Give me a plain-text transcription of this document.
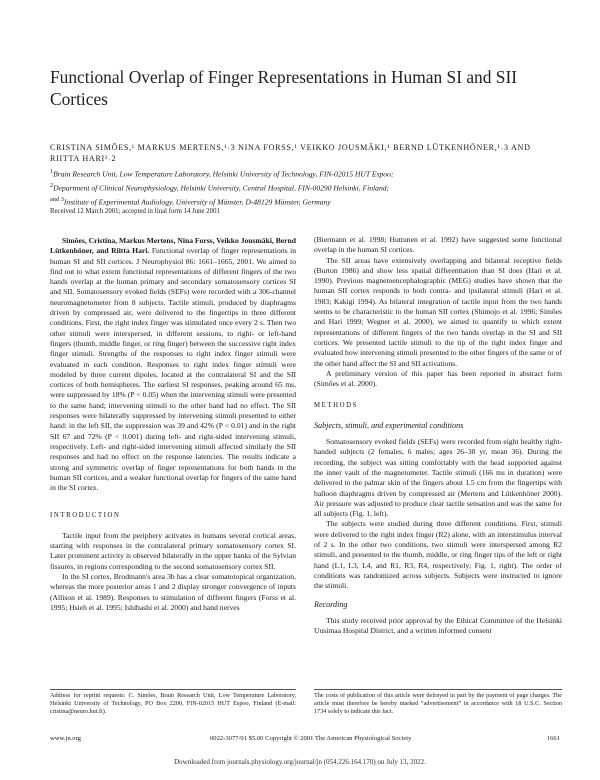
Functional Overlap of Finger Representations in Human SI and SII Cortices
CRISTINA SIMÕES,¹ MARKUS MERTENS,¹˒3 NINA FORSS,¹ VEIKKO JOUSMÄKI,¹ BERND LÜTKENHÖNER,¹˒3 AND RIITTA HARI¹˒2
$^1$Brain Research Unit, Low Temperature Laboratory, Helsinki University of Technology, FIN-02015 HUT Espoo;
$^2$Department of Clinical Neurophysiology, Helsinki University, Central Hospital, FIN-00290 Helsinki, Finland;
$^{and 3}$Institute of Experimental Audiology, University of Münster, D-48129 Münster, Germany
Received 12 March 2001; accepted in final form 14 June 2001

Simões, Cristina, Markus Mertens, Nina Forss, Veikko Jousmäki, Bernd Lütkenhöner, and Riitta Hari. Functional overlap of finger representations in human SI and SII cortices. J Neurophysiol 86: 1661–1665, 2001. We aimed to find out to what extent functional representations of different fingers of the two hands overlap at the human primary and secondary somatosensory cortices SI and SII. Somatosensory evoked fields (SEFs) were recorded with a 306-channel neuromagnetometer from 8 subjects. Tactile stimuli, produced by diaphragms driven by compressed air, were delivered to the fingertips in three different conditions. First, the right index finger was stimulated once every 2 s. Then two other stimuli were interspersed, in different sessions, to right- or left-hand fingers (thumb, middle finger, or ring finger) between the successive right index finger stimuli. Strengths of the responses to right index finger stimuli were evaluated in each condition. Responses to right index finger stimuli were modeled by three current dipoles, located at the contralateral SI and the SII cortices of both hemispheres. The earliest SI responses, peaking around 65 ms, were suppressed by 18% (P < 0.05) when the intervening stimuli were presented to the same hand; intervening stimuli to the other hand had no effect. The SII responses were bilaterally suppressed by intervening stimuli presented to either hand: in the left SII, the suppression was 39 and 42% (P < 0.01) and in the right SII 67 and 72% (P < 0.001) during left- and right-sided intervening stimuli, respectively. Left- and right-sided intervening stimuli affected similarly the SII responses and had no effect on the response latencies. The results indicate a strong and symmetric overlap of finger representations for both hands in the human SII cortices, and a weaker functional overlap for fingers of the same hand in the SI cortex.

INTRODUCTION

Tactile input from the periphery activates in humans several cortical areas, starting with responses in the contralateral primary somatosensory cortex SI. Later prominent activity is observed bilaterally in the upper banks of the Sylvian fissures, in regions corresponding to the second somatosensory cortex SII.

In the SI cortex, Brodmann's area 3b has a clear somatotopical organization, whereas the more posterior areas 1 and 2 display stronger convergence of inputs (Allison et al. 1989). Responses to stimulation of different fingers (Forss et al. 1995; Hsieh et al. 1995; Ishibashi et al. 2000) and hand nerves

(Biermann et al. 1998; Huttunen et al. 1992) have suggested some functional overlap in the human SI cortices.

The SII areas have extensively overlapping and bilateral receptive fields (Burton 1986) and show less spatial differentiation than SI does (Hari et al. 1990). Previous magnetoencephalographic (MEG) studies have shown that the human SII cortex responds to both contra- and ipsilateral stimuli (Hari et al. 1983; Kakigi 1994). As bilateral integration of tactile input from the two hands seems to be characteristic to the human SII cortex (Shimojo et al. 1996; Simões and Hari 1999; Wegner et al. 2000), we aimed to quantify to which extent representations of different fingers of the two hands overlap in the SI and SII cortices. We presented tactile stimuli to the tip of the right index finger and evaluated how intervening stimuli presented to the other fingers of the same or of the other hand affect the SI and SII activations.

A preliminary version of this paper has been reported in abstract form (Simões et al. 2000).

METHODS
Subjects, stimuli, and experimental conditions

Somatosensory evoked fields (SEFs) were recorded from eight healthy right-handed subjects (2 females, 6 males; ages 26–38 yr, mean 36). During the recording, the subject was sitting comfortably with the head supported against the inner vault of the magnetometer. Tactile stimuli (166 ms in duration) were delivered to the palmar skin of the fingers about 1.5 cm from the fingertips with balloon diaphragms driven by compressed air (Mertens and Lütkenhöner 2000). Air pressure was adjusted to produce clear tactile sensation and was the same for all subjects (Fig. 1, left).

The subjects were studied during three different conditions. First, stimuli were delivered to the right index finger (R2) alone, with an interstimulus interval of 2 s. In the other two conditions, two stimuli were interspersed among R2 stimuli, and presented to the thumb, middle, or ring finger tips of the left or right hand (L1, L3, L4, and R1, R3, R4, respectively; Fig. 1, right). The order of conditions was randomized across subjects. Subjects were instructed to ignore the stimuli.

Recording

This study received prior approval by the Ethical Committee of the Helsinki Uusimaa Hospital District, and a written informed consent

Address for reprint requests: C. Simões, Brain Research Unit, Low Temperature Laboratory, Helsinki University of Technology, PO Box 2200, FIN-02015 HUT Espoo, Finland (E-mail: cristina@neuro.hut.fi).
The costs of publication of this article were defrayed in part by the payment of page charges. The article must therefore be hereby marked “advertisement” in accordance with 18 U.S.C. Section 1734 solely to indicate this fact.
www.jn.org	0022-3077/01 $5.00 Copyright © 2001 The American Physiological Society	1661
Downloaded from journals.physiology.org/journal/jn (054.226.164.170) on July 13, 2022.
